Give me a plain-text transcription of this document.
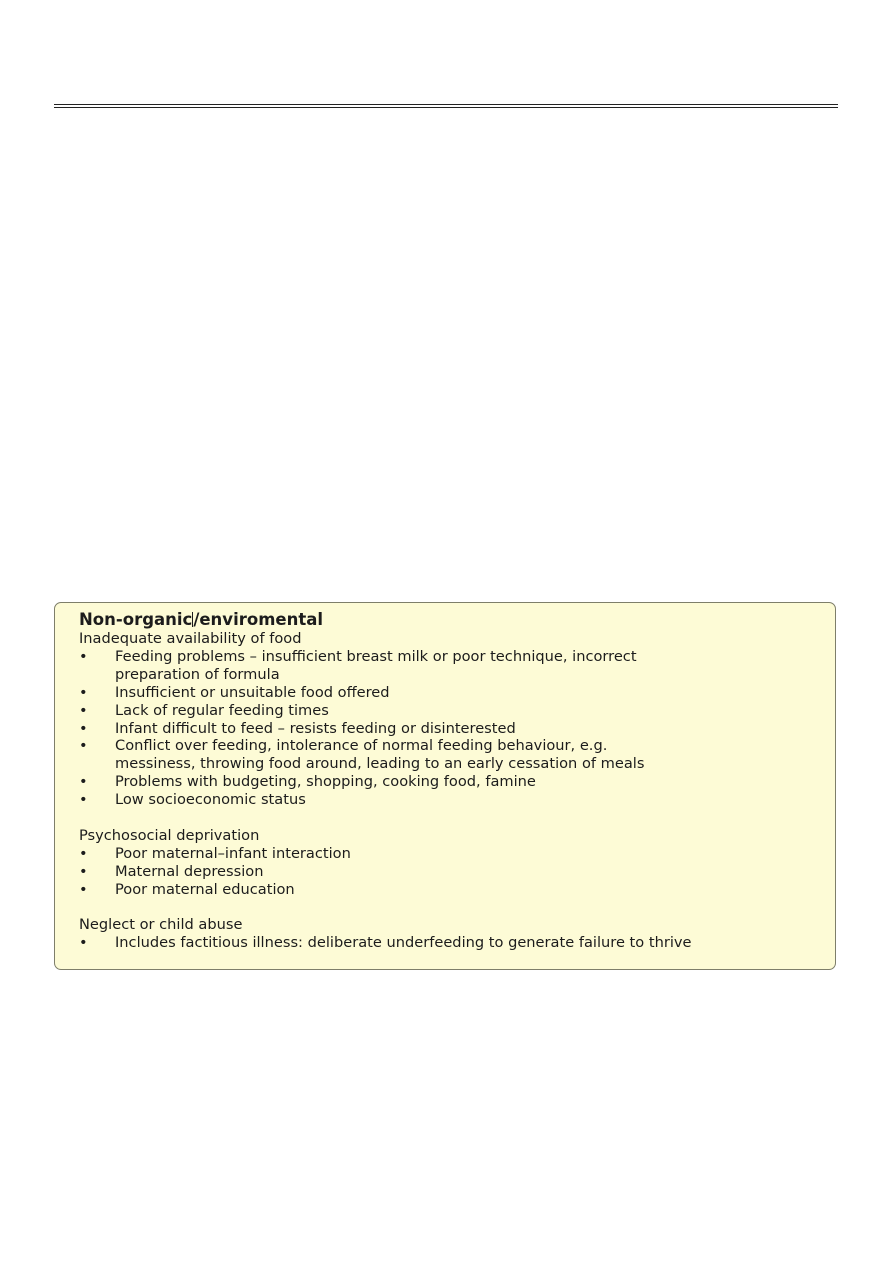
Non-organic/enviromental
Inadequate availability of food
• Feeding problems – insufficient breast milk or poor technique, incorrect
preparation of formula
• Insufficient or unsuitable food offered
• Lack of regular feeding times
• Infant difficult to feed – resists feeding or disinterested
• Conflict over feeding, intolerance of normal feeding behaviour, e.g.
messiness, throwing food around, leading to an early cessation of meals
• Problems with budgeting, shopping, cooking food, famine
• Low socioeconomic status
Psychosocial deprivation
• Poor maternal–infant interaction
• Maternal depression
• Poor maternal education
Neglect or child abuse
• Includes factitious illness: deliberate underfeeding to generate failure to thrive
